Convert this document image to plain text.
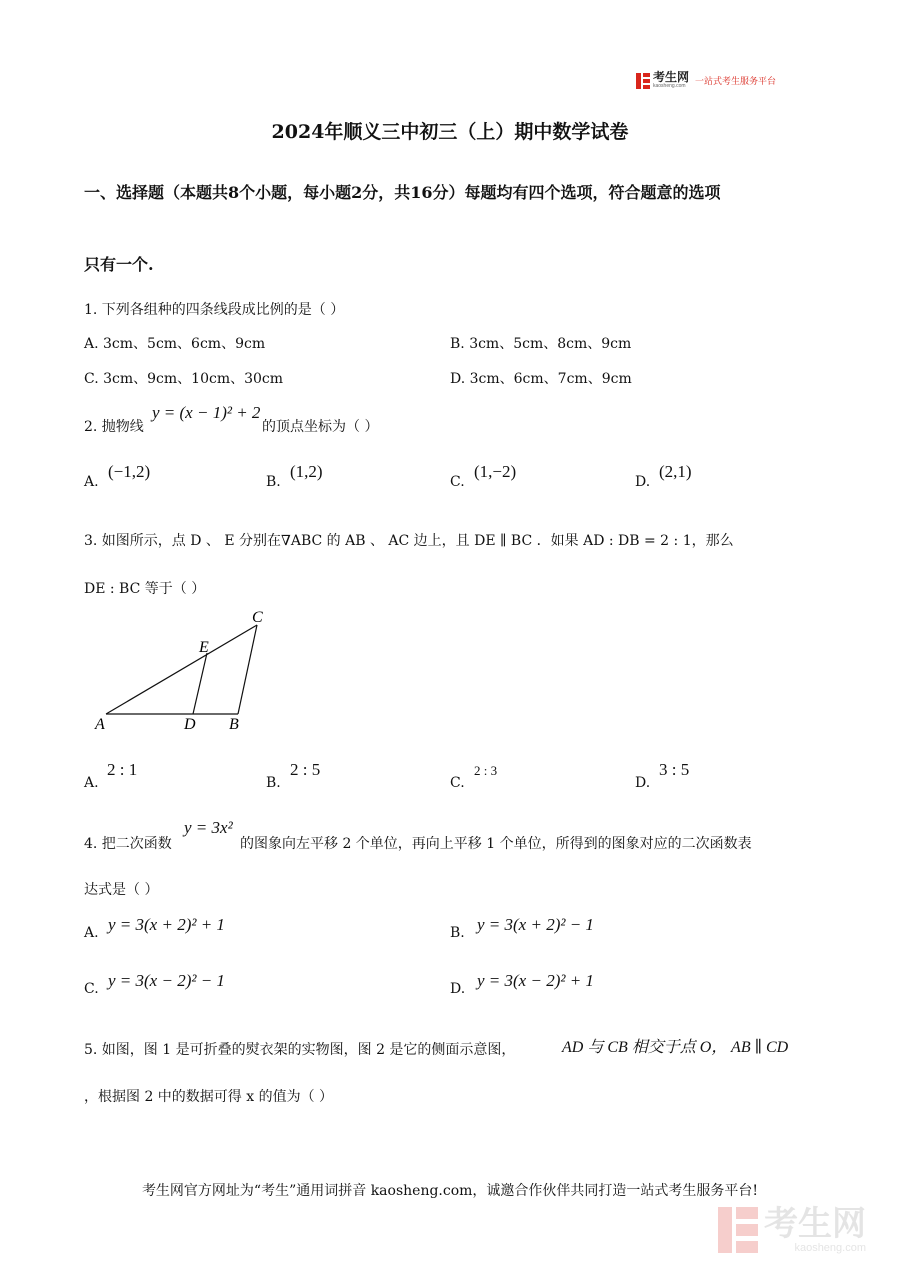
考生网
kaosheng.com	一站式考生服务平台
2024年顺义三中初三（上）期中数学试卷
一、选择题（本题共8个小题，每小题2分，共16分）每题均有四个选项，符合题意的选项
只有一个.
1. 下列各组种的四条线段成比例的是（ ）
A. 3cm、5cm、6cm、9cm	B. 3cm、5cm、8cm、9cm
C. 3cm、9cm、10cm、30cm	D. 3cm、6cm、7cm、9cm
2. 抛物线
y = (x − 1)² + 2
的顶点坐标为（ ）
A.
(−1,2)
B.
(1,2)
C.
(1,−2)
D.
(2,1)
3. 如图所示，点 D 、 E 分别在∇ABC 的 AB 、 AC 边上，且 DE ∥ BC ．如果 AD : DB = 2 : 1，那么
DE : BC 等于（ ）
A	D B
C
E
A.
2 : 1
B.
2 : 5
C.
2 : 3
D.
3 : 5
4. 把二次函数
y = 3x²
的图象向左平移 2 个单位，再向上平移 1 个单位，所得到的图象对应的二次函数表
达式是（ ）
A. y = 3(x + 2)² + 1	B. y = 3(x + 2)² − 1
C. y = 3(x − 2)² − 1	D. y = 3(x − 2)² + 1
5. 如图，图 1 是可折叠的熨衣架的实物图，图 2 是它的侧面示意图，	AD 与 CB 相交于点 O， AB ∥ CD
，根据图 2 中的数据可得 x 的值为（ ）
考生网官方网址为“考生”通用词拼音 kaosheng.com，诚邀合作伙伴共同打造一站式考生服务平台!
考生网
kaosheng.com
